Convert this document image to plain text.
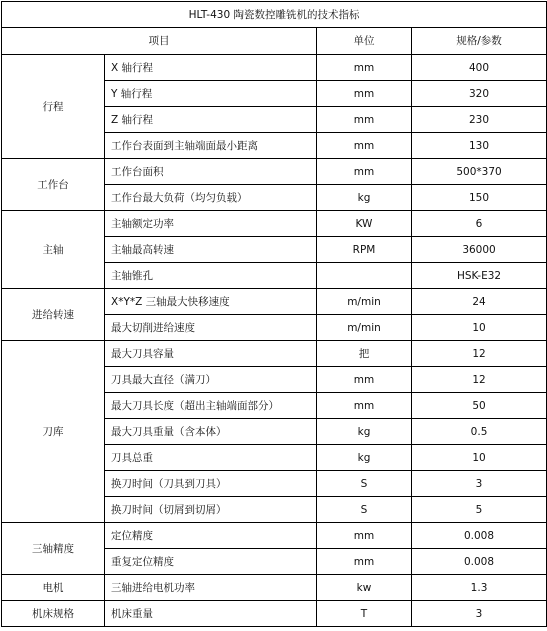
HLT-430 陶瓷数控雕铣机的技术指标			
项目		单位	规格/参数
行程	X 轴行程	mm	400
	Y 轴行程	mm	320
	Z 轴行程	mm	230
	工作台表面到主轴端面最小距离	mm	130
工作台	工作台面积	mm	500*370
	工作台最大负荷（均匀负载）	kg	150
主轴	主轴额定功率	KW	6
	主轴最高转速	RPM	36000
	主轴锥孔		HSK-E32
进给转速	X*Y*Z 三轴最大快移速度	m/min	24
	最大切削进给速度	m/min	10
刀库	最大刀具容量	把	12
	刀具最大直径（满刀）	mm	12
	最大刀具长度（超出主轴端面部分）	mm	50
	最大刀具重量（含本体）	kg	0.5
	刀具总重	kg	10
	换刀时间（刀具到刀具）	S	3
	换刀时间（切屑到切屑）	S	5
三轴精度	定位精度	mm	0.008
	重复定位精度	mm	0.008
电机	三轴进给电机功率	kw	1.3
机床规格	机床重量	T	3
